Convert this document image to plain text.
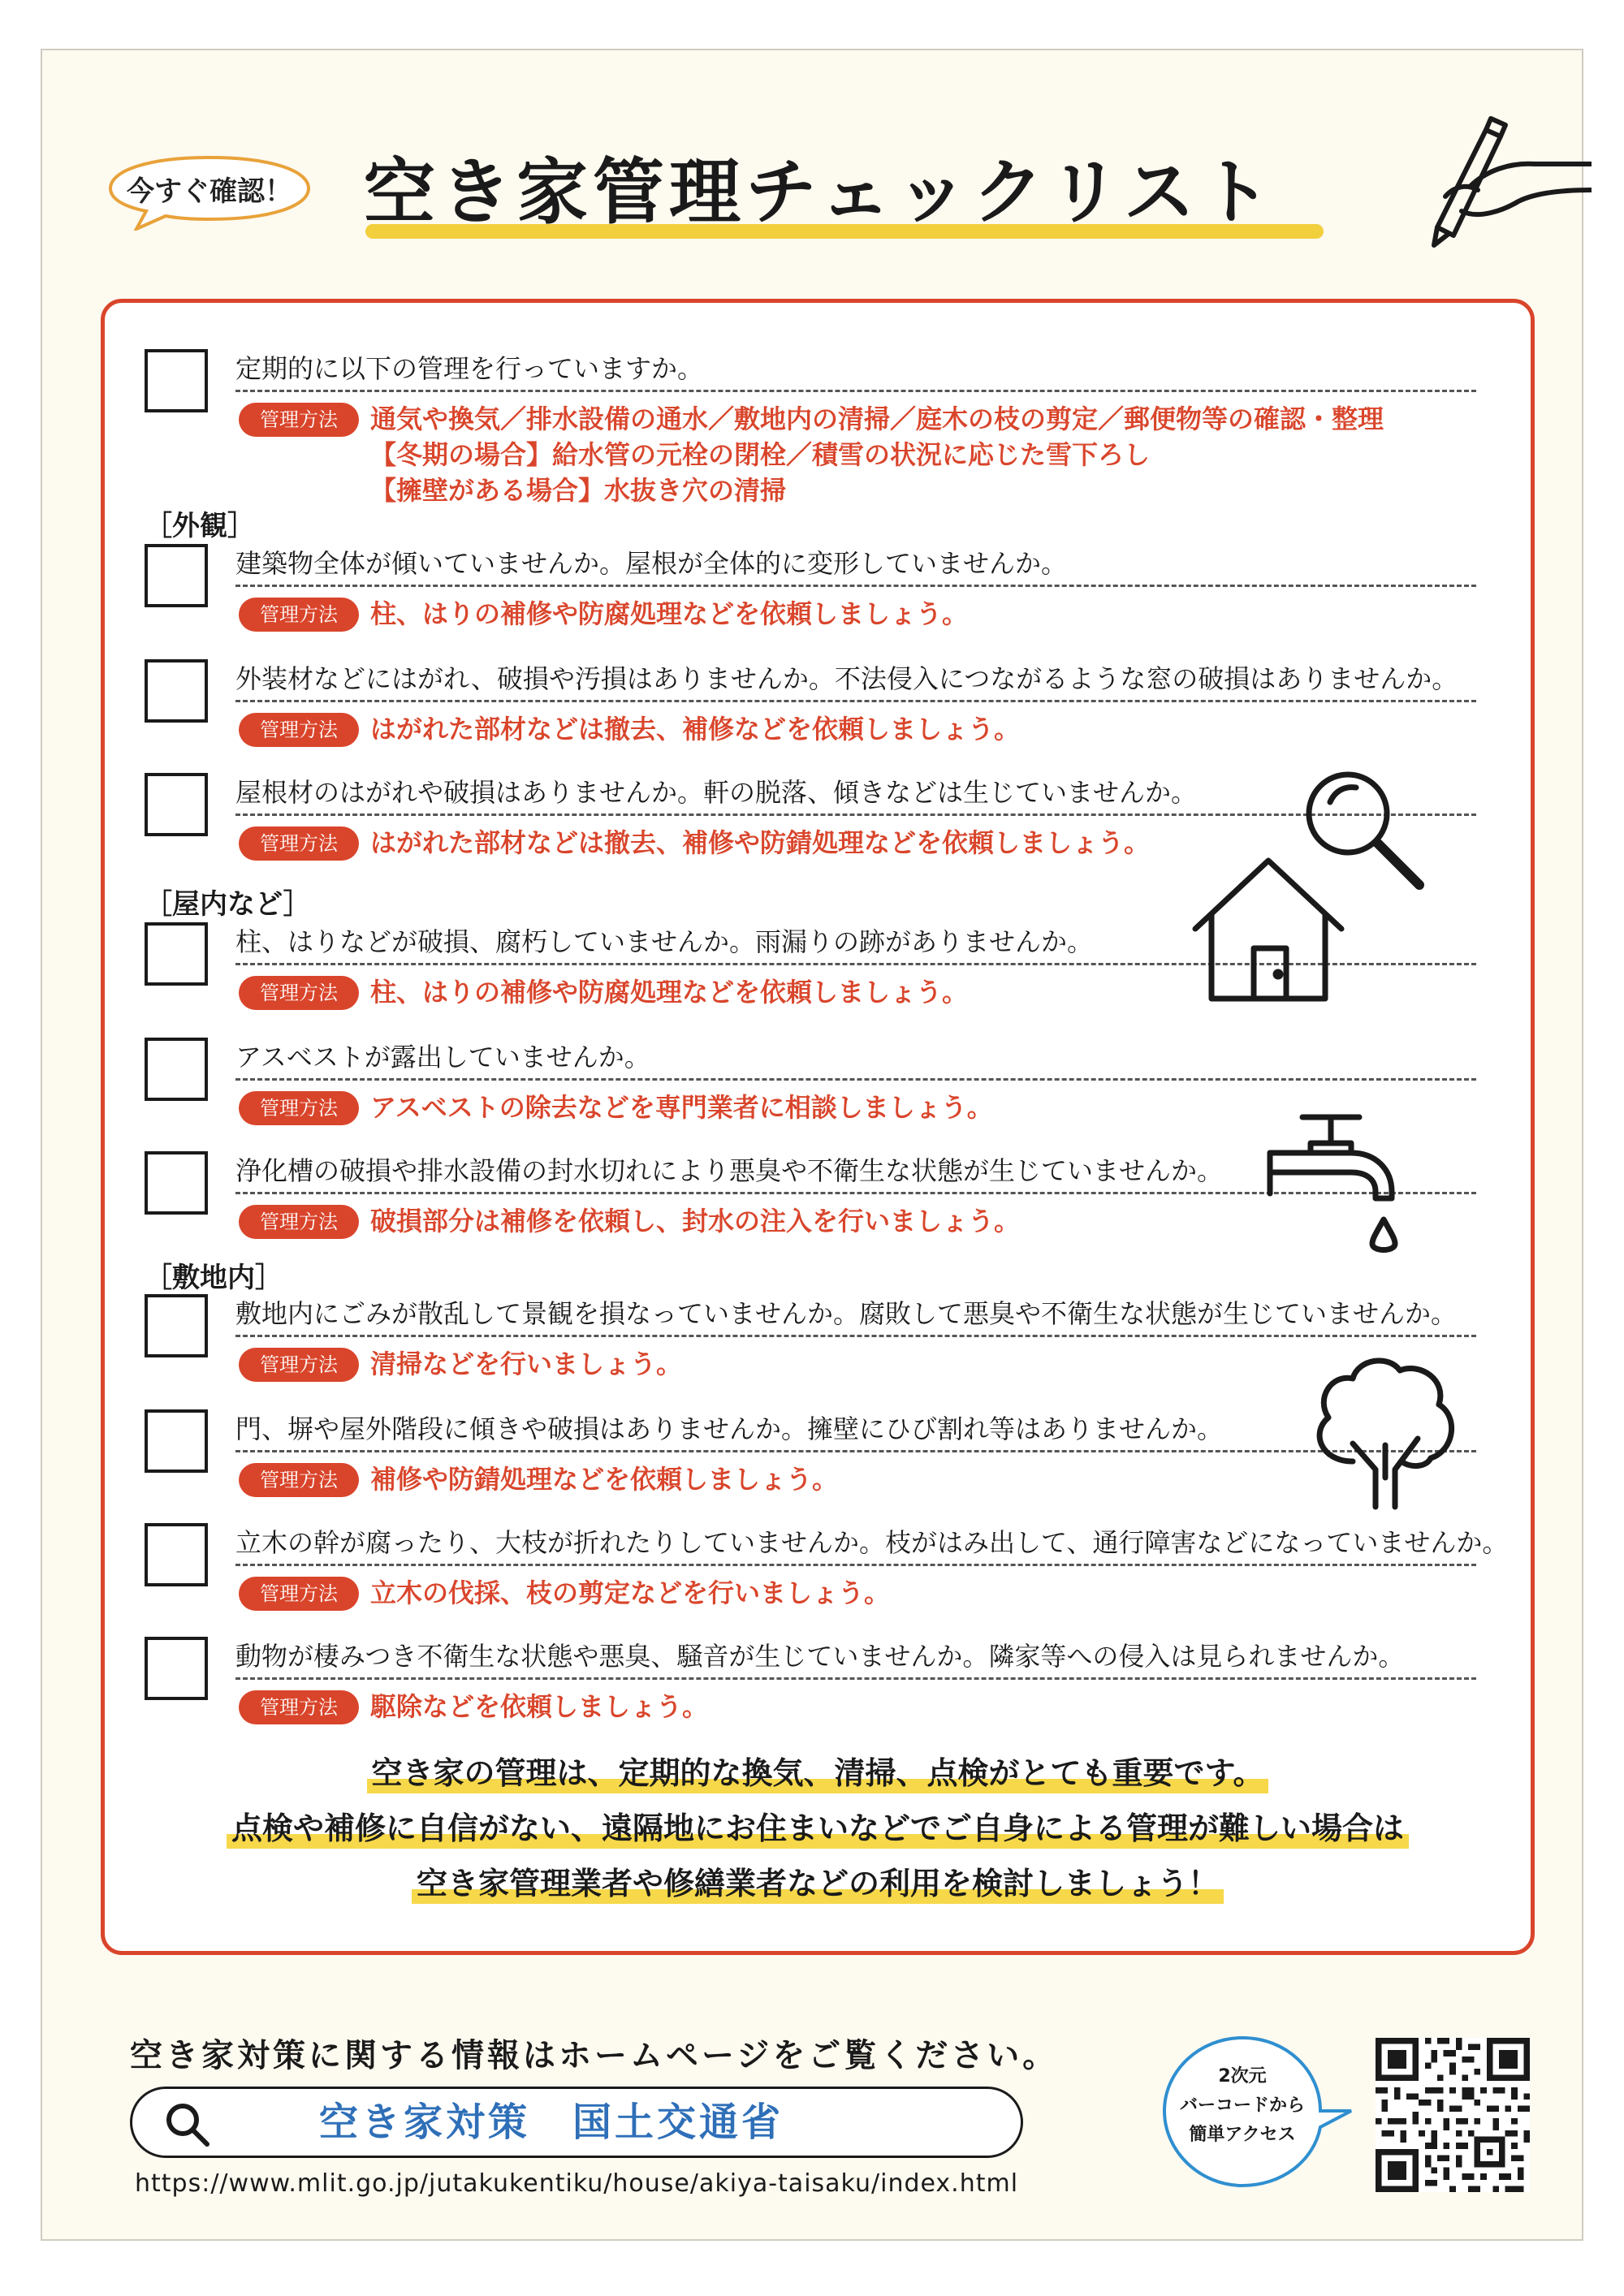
今すぐ確認！	空き家管理チェックリスト
定期的に以下の管理を行っていますか。
管理方法	通気や換気／排水設備の通水／敷地内の清掃／庭木の枝の剪定／郵便物等の確認・整理
【冬期の場合】給水管の元栓の閉栓／積雪の状況に応じた雪下ろし
【擁壁がある場合】水抜き穴の清掃
［外観］
建築物全体が傾いていませんか。屋根が全体的に変形していませんか。
管理方法	柱、はりの補修や防腐処理などを依頼しましょう。
外装材などにはがれ、破損や汚損はありませんか。不法侵入につながるような窓の破損はありませんか。
管理方法	はがれた部材などは撤去、補修などを依頼しましょう。
屋根材のはがれや破損はありませんか。軒の脱落、傾きなどは生じていませんか。
管理方法	はがれた部材などは撤去、補修や防錆処理などを依頼しましょう。
［屋内など］
柱、はりなどが破損、腐朽していませんか。雨漏りの跡がありませんか。
管理方法	柱、はりの補修や防腐処理などを依頼しましょう。
アスベストが露出していませんか。
管理方法	アスベストの除去などを専門業者に相談しましょう。
浄化槽の破損や排水設備の封水切れにより悪臭や不衛生な状態が生じていませんか。
管理方法	破損部分は補修を依頼し、封水の注入を行いましょう。
［敷地内］
敷地内にごみが散乱して景観を損なっていませんか。腐敗して悪臭や不衛生な状態が生じていませんか。
管理方法	清掃などを行いましょう。
門、塀や屋外階段に傾きや破損はありませんか。擁壁にひび割れ等はありませんか。
管理方法	補修や防錆処理などを依頼しましょう。
立木の幹が腐ったり、大枝が折れたりしていませんか。枝がはみ出して、通行障害などになっていませんか。
管理方法	立木の伐採、枝の剪定などを行いましょう。
動物が棲みつき不衛生な状態や悪臭、騒音が生じていませんか。隣家等への侵入は見られませんか。
管理方法	駆除などを依頼しましょう。
空き家の管理は、定期的な換気、清掃、点検がとても重要です。
点検や補修に自信がない、遠隔地にお住まいなどでご自身による管理が難しい場合は
空き家管理業者や修繕業者などの利用を検討しましょう！
空き家対策に関する情報はホームページをご覧ください。
空き家対策　国土交通省
https://www.mlit.go.jp/jutakukentiku/house/akiya-taisaku/index.html
2次元
バーコードから
簡単アクセス
